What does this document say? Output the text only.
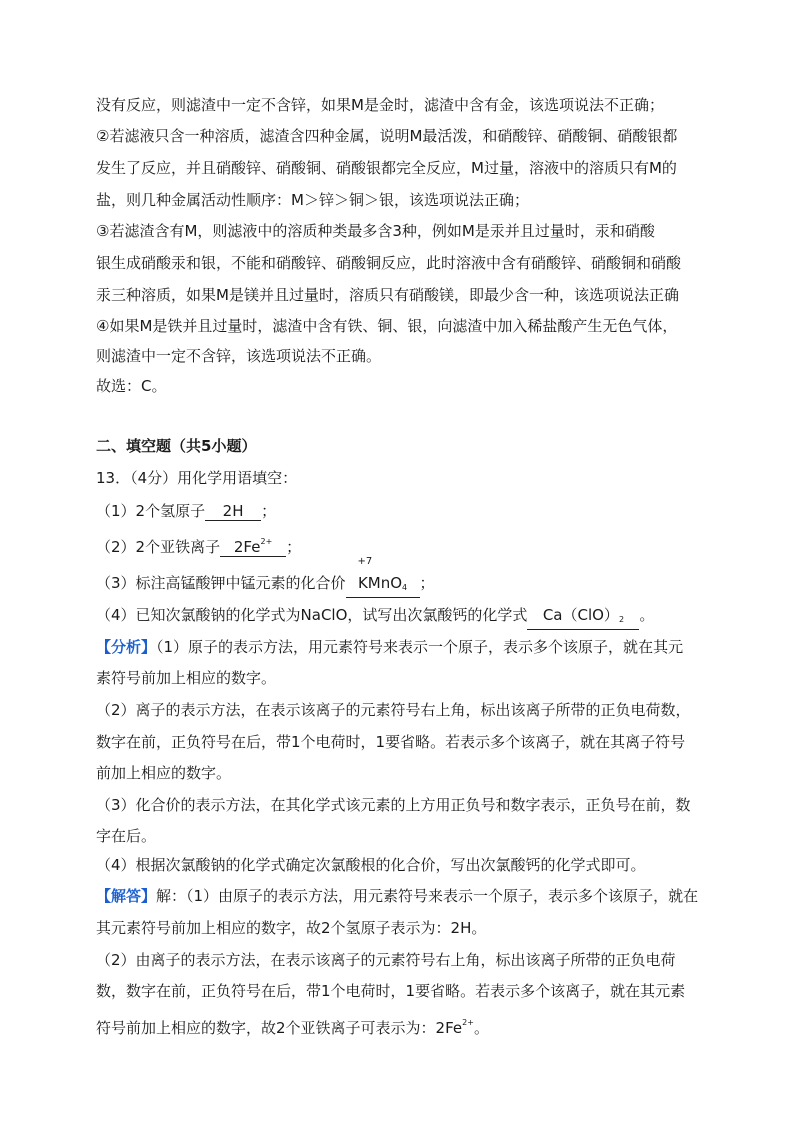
没有反应，则滤渣中一定不含锌，如果M是金时，滤渣中含有金，该选项说法不正确；
②若滤液只含一种溶质，滤渣含四种金属，说明M最活泼，和硝酸锌、硝酸铜、硝酸银都
发生了反应，并且硝酸锌、硝酸铜、硝酸银都完全反应，M过量，溶液中的溶质只有M的
盐，则几种金属活动性顺序：M＞锌＞铜＞银，该选项说法正确；
③若滤渣含有M，则滤液中的溶质种类最多含3种，例如M是汞并且过量时，汞和硝酸
银生成硝酸汞和银，不能和硝酸锌、硝酸铜反应，此时溶液中含有硝酸锌、硝酸铜和硝酸
汞三种溶质，如果M是镁并且过量时，溶质只有硝酸镁，即最少含一种，该选项说法正确
④如果M是铁并且过量时，滤渣中含有铁、铜、银，向滤渣中加入稀盐酸产生无色气体，
则滤渣中一定不含锌，该选项说法不正确。
故选：C。
二、填空题（共5小题）
13．（4分）用化学用语填空：
（1）2个氢原子 2H ；
（2）2个亚铁离子 $2Fe^{2+}$ ；
（3）标注高锰酸钾中锰元素的化合价
+7
KMnO$_4$ ；
（4）已知次氯酸钠的化学式为NaClO，试写出次氯酸钙的化学式 $Ca(ClO)_2$ 。
【分析】（1）原子的表示方法，用元素符号来表示一个原子，表示多个该原子，就在其元
素符号前加上相应的数字。
（2）离子的表示方法，在表示该离子的元素符号右上角，标出该离子所带的正负电荷数，
数字在前，正负符号在后，带1个电荷时，1要省略。若表示多个该离子，就在其离子符号
前加上相应的数字。
（3）化合价的表示方法，在其化学式该元素的上方用正负号和数字表示，正负号在前，数
字在后。
（4）根据次氯酸钠的化学式确定次氯酸根的化合价，写出次氯酸钙的化学式即可。
【解答】解：（1）由原子的表示方法，用元素符号来表示一个原子，表示多个该原子，就在
其元素符号前加上相应的数字，故2个氢原子表示为：2H。
（2）由离子的表示方法，在表示该离子的元素符号右上角，标出该离子所带的正负电荷
数，数字在前，正负符号在后，带1个电荷时，1要省略。若表示多个该离子，就在其元素
符号前加上相应的数字，故2个亚铁离子可表示为：$2Fe^{2+}$。
